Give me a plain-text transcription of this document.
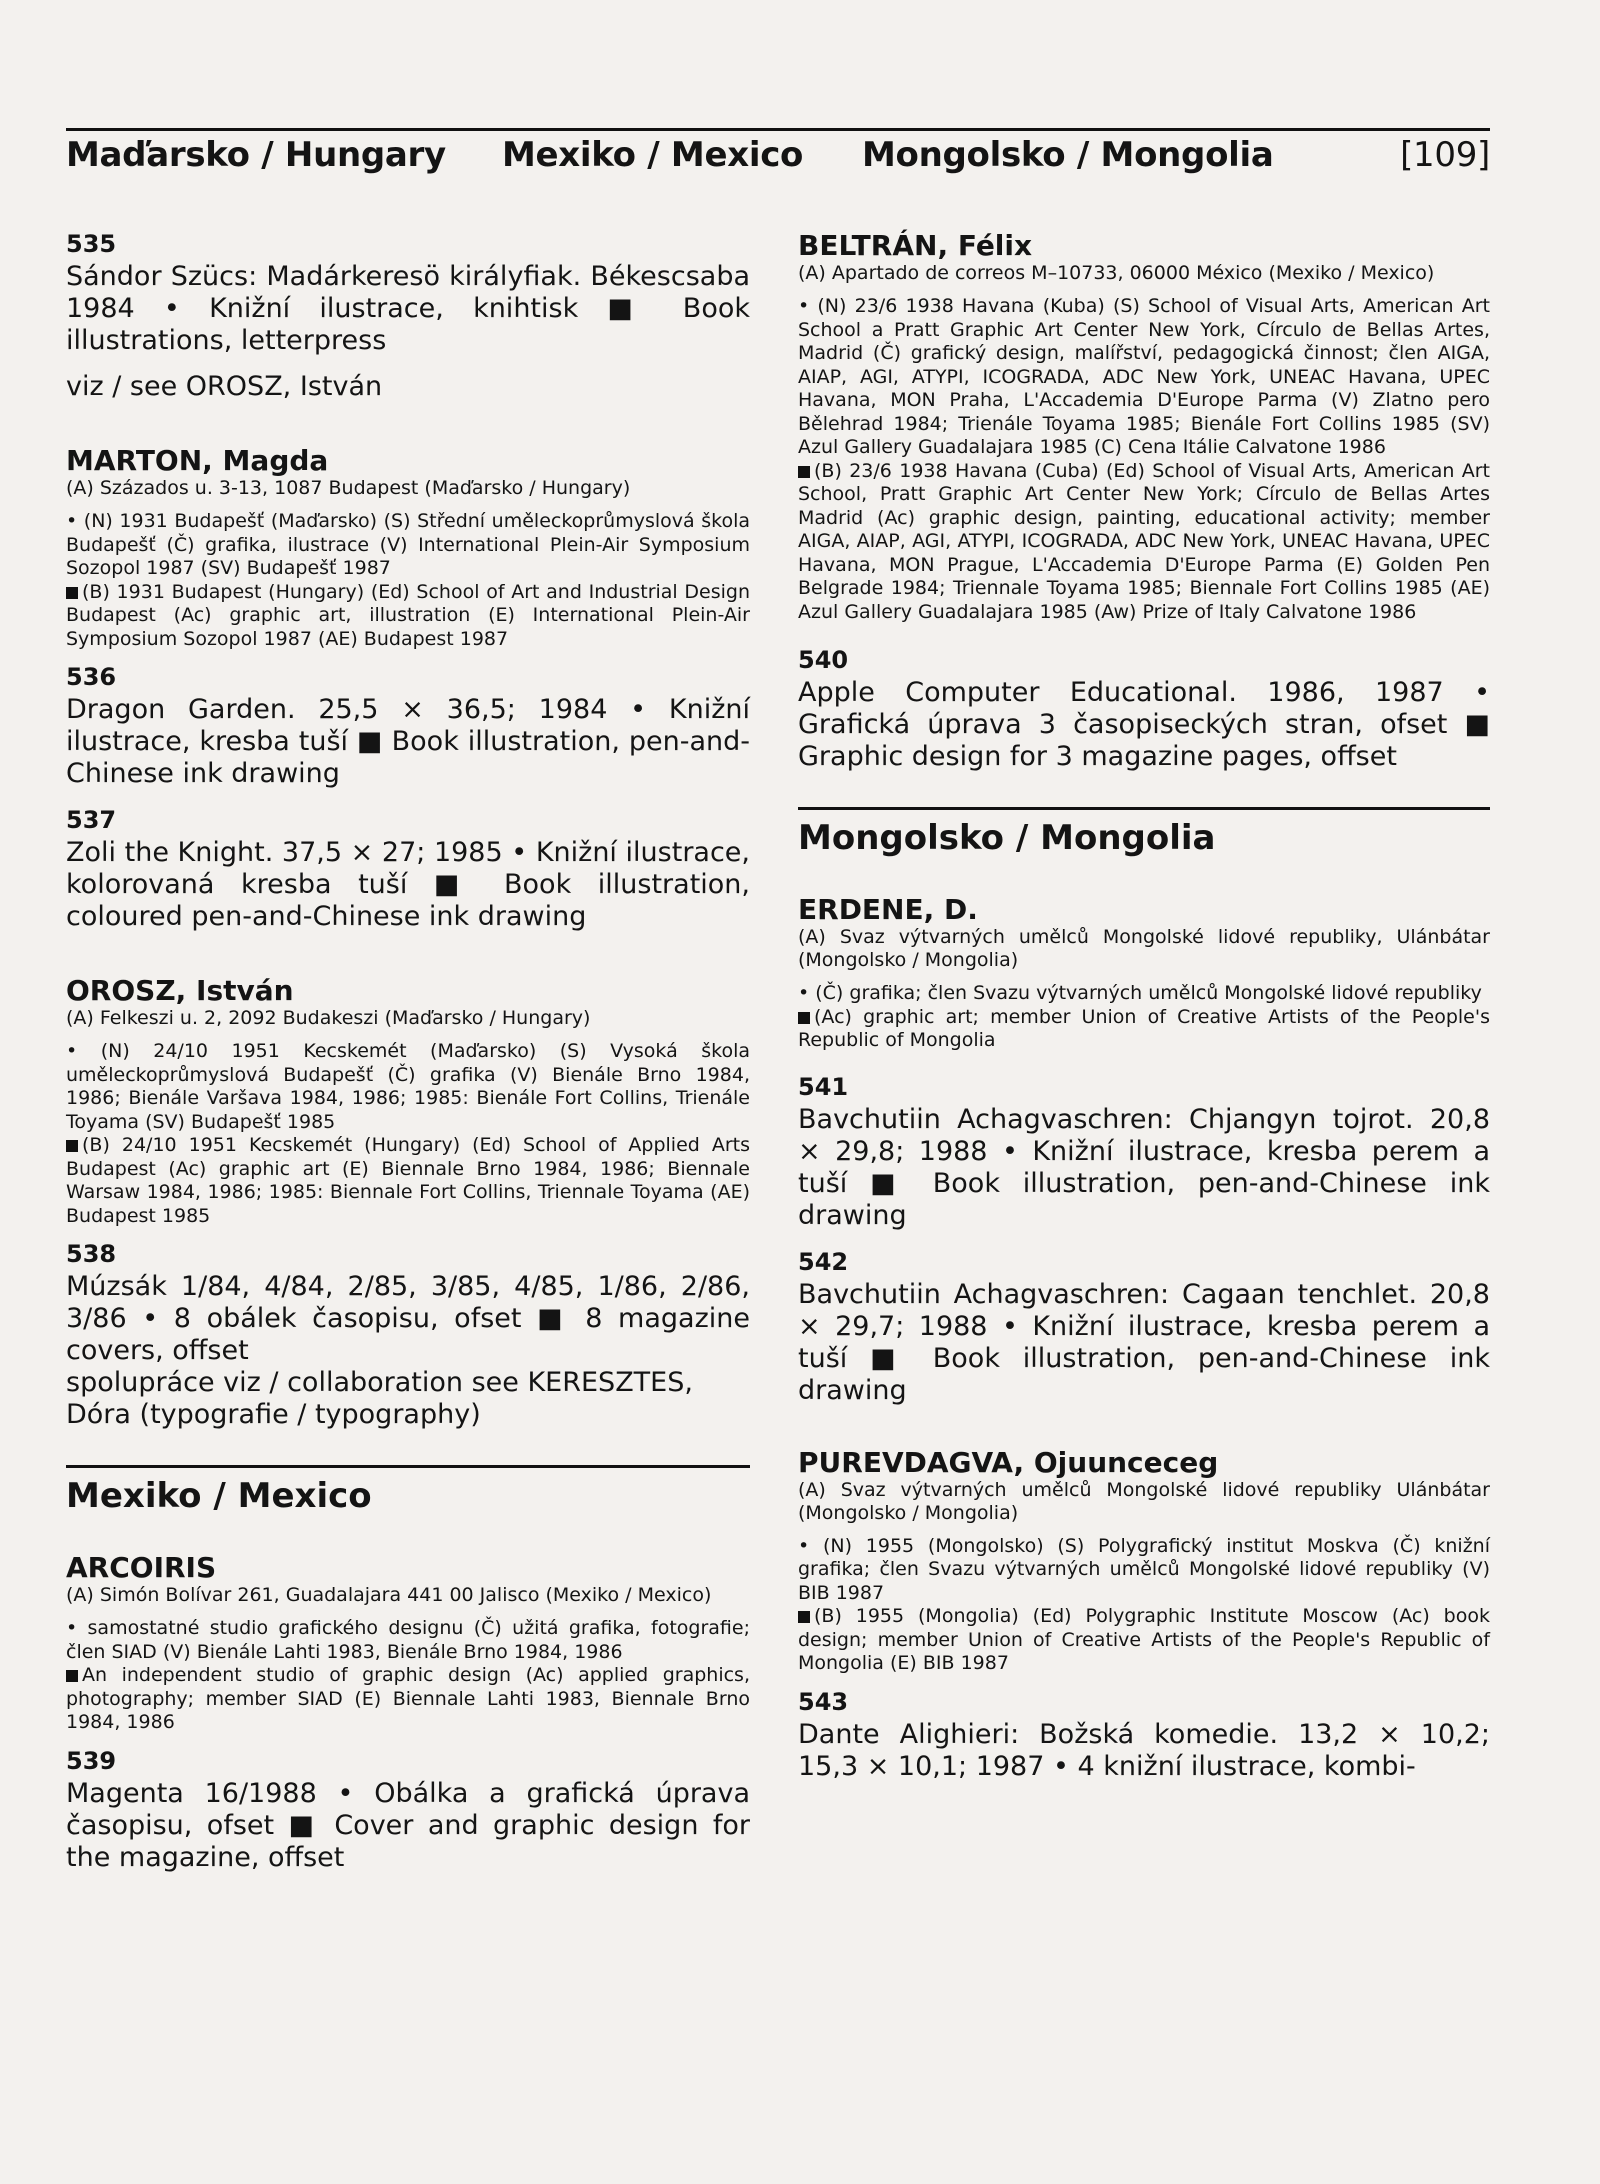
Maďarsko / Hungary Mexiko / Mexico Mongolsko / Mongolia	[109]

535

Sándor Szücs: Madárkeresö királyfiak. Békescsaba 1984 • Knižní ilustrace, knihtisk ■ Book illustrations, letterpress

viz / see OROSZ, István

MARTON, Magda

(A) Százados u. 3-13, 1087 Budapest (Maďarsko / Hungary)

• (N) 1931 Budapešť (Maďarsko) (S) Střední uměleckoprůmyslová škola Budapešť (Č) grafika, ilustrace (V) International Plein-Air Symposium Sozopol 1987 (SV) Budapešť 1987

(B) 1931 Budapest (Hungary) (Ed) School of Art and Industrial Design Budapest (Ac) graphic art, illustration (E) International Plein-Air Symposium Sozopol 1987 (AE) Budapest 1987

536

Dragon Garden. 25,5 × 36,5; 1984 • Knižní ilustrace, kresba tuší ■ Book illustration, pen-and-Chinese ink drawing

537

Zoli the Knight. 37,5 × 27; 1985 • Knižní ilustrace, kolorovaná kresba tuší ■ Book illustration, coloured pen-and-Chinese ink drawing

OROSZ, István

(A) Felkeszi u. 2, 2092 Budakeszi (Maďarsko / Hungary)

• (N) 24/10 1951 Kecskemét (Maďarsko) (S) Vysoká škola uměleckoprůmyslová Budapešť (Č) grafika (V) Bienále Brno 1984, 1986; Bienále Varšava 1984, 1986; 1985: Bienále Fort Collins, Trienále Toyama (SV) Budapešť 1985

(B) 24/10 1951 Kecskemét (Hungary) (Ed) School of Applied Arts Budapest (Ac) graphic art (E) Biennale Brno 1984, 1986; Biennale Warsaw 1984, 1986; 1985: Biennale Fort Collins, Triennale Toyama (AE) Budapest 1985

538

Múzsák 1/84, 4/84, 2/85, 3/85, 4/85, 1/86, 2/86, 3/86 • 8 obálek časopisu, ofset ■ 8 magazine covers, offset

spolupráce viz / collaboration see KERESZTES, Dóra (typografie / typography)

Mexiko / Mexico

ARCOIRIS

(A) Simón Bolívar 261, Guadalajara 441 00 Jalisco (Mexiko / Mexico)

• samostatné studio grafického designu (Č) užitá grafika, fotografie; člen SIAD (V) Bienále Lahti 1983, Bienále Brno 1984, 1986

An independent studio of graphic design (Ac) applied graphics, photography; member SIAD (E) Biennale Lahti 1983, Biennale Brno 1984, 1986

539

Magenta 16/1988 • Obálka a grafická úprava časopisu, ofset ■ Cover and graphic design for the magazine, offset

BELTRÁN, Félix

(A) Apartado de correos M–10733, 06000 México (Mexiko / Mexico)

• (N) 23/6 1938 Havana (Kuba) (S) School of Visual Arts, American Art School a Pratt Graphic Art Center New York, Círculo de Bellas Artes, Madrid (Č) grafický design, malířství, pedagogická činnost; člen AIGA, AIAP, AGI, ATYPI, ICOGRADA, ADC New York, UNEAC Havana, UPEC Havana, MON Praha, L'Accademia D'Europe Parma (V) Zlatno pero Bělehrad 1984; Trienále Toyama 1985; Bienále Fort Collins 1985 (SV) Azul Gallery Guadalajara 1985 (C) Cena Itálie Calvatone 1986

(B) 23/6 1938 Havana (Cuba) (Ed) School of Visual Arts, American Art School, Pratt Graphic Art Center New York; Círculo de Bellas Artes Madrid (Ac) graphic design, painting, educational activity; member AIGA, AIAP, AGI, ATYPI, ICOGRADA, ADC New York, UNEAC Havana, UPEC Havana, MON Prague, L'Accademia D'Europe Parma (E) Golden Pen Belgrade 1984; Triennale Toyama 1985; Biennale Fort Collins 1985 (AE) Azul Gallery Guadalajara 1985 (Aw) Prize of Italy Calvatone 1986

540

Apple Computer Educational. 1986, 1987 • Grafická úprava 3 časopiseckých stran, ofset ■ Graphic design for 3 magazine pages, offset

Mongolsko / Mongolia

ERDENE, D.

(A) Svaz výtvarných umělců Mongolské lidové republiky, Ulánbátar (Mongolsko / Mongolia)

• (Č) grafika; člen Svazu výtvarných umělců Mongolské lidové republiky

(Ac) graphic art; member Union of Creative Artists of the People's Republic of Mongolia

541

Bavchutiin Achagvaschren: Chjangyn tojrot. 20,8 × 29,8; 1988 • Knižní ilustrace, kresba perem a tuší ■ Book illustration, pen-and-Chinese ink drawing

542

Bavchutiin Achagvaschren: Cagaan tenchlet. 20,8 × 29,7; 1988 • Knižní ilustrace, kresba perem a tuší ■ Book illustration, pen-and-Chinese ink drawing

PUREVDAGVA, Ojuunceceg

(A) Svaz výtvarných umělců Mongolské lidové republiky Ulánbátar (Mongolsko / Mongolia)

• (N) 1955 (Mongolsko) (S) Polygrafický institut Moskva (Č) knižní grafika; člen Svazu výtvarných umělců Mongolské lidové republiky (V) BIB 1987

(B) 1955 (Mongolia) (Ed) Polygraphic Institute Moscow (Ac) book design; member Union of Creative Artists of the People's Republic of Mongolia (E) BIB 1987

543

Dante Alighieri: Božská komedie. 13,2 × 10,2; 15,3 × 10,1; 1987 • 4 knižní ilustrace, kombi-
